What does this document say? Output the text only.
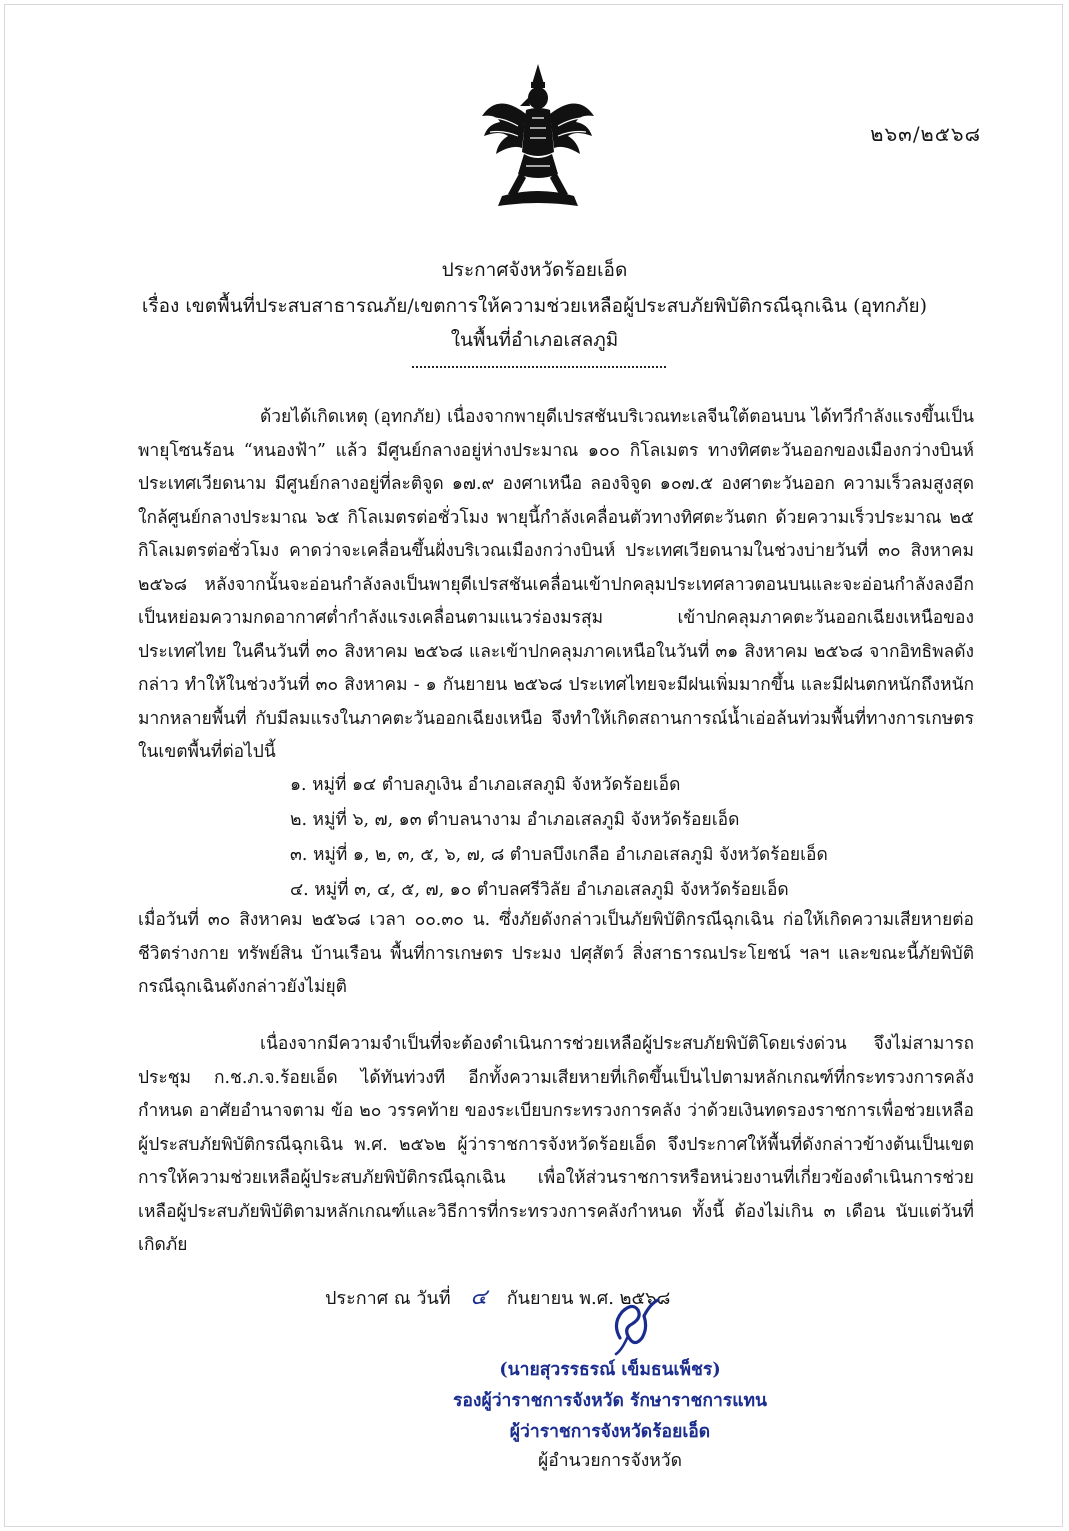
๒๖๓/๒๕๖๘
ประกาศจังหวัดร้อยเอ็ด
เรื่อง เขตพื้นที่ประสบสาธารณภัย/เขตการให้ความช่วยเหลือผู้ประสบภัยพิบัติกรณีฉุกเฉิน (อุทกภัย)
ในพื้นที่อำเภอเสลภูมิ

ด้วยได้เกิดเหตุ (อุทกภัย) เนื่องจากพายุดีเปรสชันบริเวณทะเลจีนใต้ตอนบน ได้ทวีกำลังแรงขึ้นเป็นพายุโซนร้อน “หนองฟ้า” แล้ว มีศูนย์กลางอยู่ห่างประมาณ ๑๐๐ กิโลเมตร ทางทิศตะวันออกของเมืองกว่างบินห์ ประเทศเวียดนาม มีศูนย์กลางอยู่ที่ละติจูด ๑๗.๙ องศาเหนือ ลองจิจูด ๑๐๗.๕ องศาตะวันออก ความเร็วลมสูงสุดใกล้ศูนย์กลางประมาณ ๖๕ กิโลเมตรต่อชั่วโมง พายุนี้กำลังเคลื่อนตัวทางทิศตะวันตก ด้วยความเร็วประมาณ ๒๕ กิโลเมตรต่อชั่วโมง คาดว่าจะเคลื่อนขึ้นฝั่งบริเวณเมืองกว่างบินห์ ประเทศเวียดนามในช่วงบ่ายวันที่ ๓๐ สิงหาคม ๒๕๖๘ หลังจากนั้นจะอ่อนกำลังลงเป็นพายุดีเปรสชันเคลื่อนเข้าปกคลุมประเทศลาวตอนบนและจะอ่อนกำลังลงอีกเป็นหย่อมความกดอากาศต่ำกำลังแรงเคลื่อนตามแนวร่องมรสุม เข้าปกคลุมภาคตะวันออกเฉียงเหนือของประเทศไทย ในคืนวันที่ ๓๐ สิงหาคม ๒๕๖๘ และเข้าปกคลุมภาคเหนือในวันที่ ๓๑ สิงหาคม ๒๕๖๘ จากอิทธิพลดังกล่าว ทำให้ในช่วงวันที่ ๓๐ สิงหาคม - ๑ กันยายน ๒๕๖๘ ประเทศไทยจะมีฝนเพิ่มมากขึ้น และมีฝนตกหนักถึงหนักมากหลายพื้นที่ กับมีลมแรงในภาคตะวันออกเฉียงเหนือ จึงทำให้เกิดสถานการณ์น้ำเอ่อล้นท่วมพื้นที่ทางการเกษตรในเขตพื้นที่ต่อไปนี้

๑. หมู่ที่ ๑๔ ตำบลภูเงิน อำเภอเสลภูมิ จังหวัดร้อยเอ็ด
๒. หมู่ที่ ๖, ๗, ๑๓ ตำบลนางาม อำเภอเสลภูมิ จังหวัดร้อยเอ็ด
๓. หมู่ที่ ๑, ๒, ๓, ๕, ๖, ๗, ๘ ตำบลบึงเกลือ อำเภอเสลภูมิ จังหวัดร้อยเอ็ด
๔. หมู่ที่ ๓, ๔, ๕, ๗, ๑๐ ตำบลศรีวิลัย อำเภอเสลภูมิ จังหวัดร้อยเอ็ด

เมื่อวันที่ ๓๐ สิงหาคม ๒๕๖๘ เวลา ๐๐.๓๐ น. ซึ่งภัยดังกล่าวเป็นภัยพิบัติกรณีฉุกเฉิน ก่อให้เกิดความเสียหายต่อชีวิตร่างกาย ทรัพย์สิน บ้านเรือน พื้นที่การเกษตร ประมง ปศุสัตว์ สิ่งสาธารณประโยชน์ ฯลฯ และขณะนี้ภัยพิบัติกรณีฉุกเฉินดังกล่าวยังไม่ยุติ

เนื่องจากมีความจำเป็นที่จะต้องดำเนินการช่วยเหลือผู้ประสบภัยพิบัติโดยเร่งด่วน จึงไม่สามารถประชุม ก.ช.ภ.จ.ร้อยเอ็ด ได้ทันท่วงที อีกทั้งความเสียหายที่เกิดขึ้นเป็นไปตามหลักเกณฑ์ที่กระทรวงการคลังกำหนด อาศัยอำนาจตาม ข้อ ๒๐ วรรคท้าย ของระเบียบกระทรวงการคลัง ว่าด้วยเงินทดรองราชการเพื่อช่วยเหลือผู้ประสบภัยพิบัติกรณีฉุกเฉิน พ.ศ. ๒๕๖๒ ผู้ว่าราชการจังหวัดร้อยเอ็ด จึงประกาศให้พื้นที่ดังกล่าวข้างต้นเป็นเขตการให้ความช่วยเหลือผู้ประสบภัยพิบัติกรณีฉุกเฉิน เพื่อให้ส่วนราชการหรือหน่วยงานที่เกี่ยวข้องดำเนินการช่วยเหลือผู้ประสบภัยพิบัติตามหลักเกณฑ์และวิธีการที่กระทรวงการคลังกำหนด ทั้งนี้ ต้องไม่เกิน ๓ เดือน นับแต่วันที่เกิดภัย

ประกาศ ณ วันที่ ๔ กันยายน พ.ศ. ๒๕๖๘
(นายสุวรรธรณ์ เข็มธนเพ็ชร)
รองผู้ว่าราชการจังหวัด รักษาราชการแทน
ผู้ว่าราชการจังหวัดร้อยเอ็ด
ผู้อำนวยการจังหวัด
